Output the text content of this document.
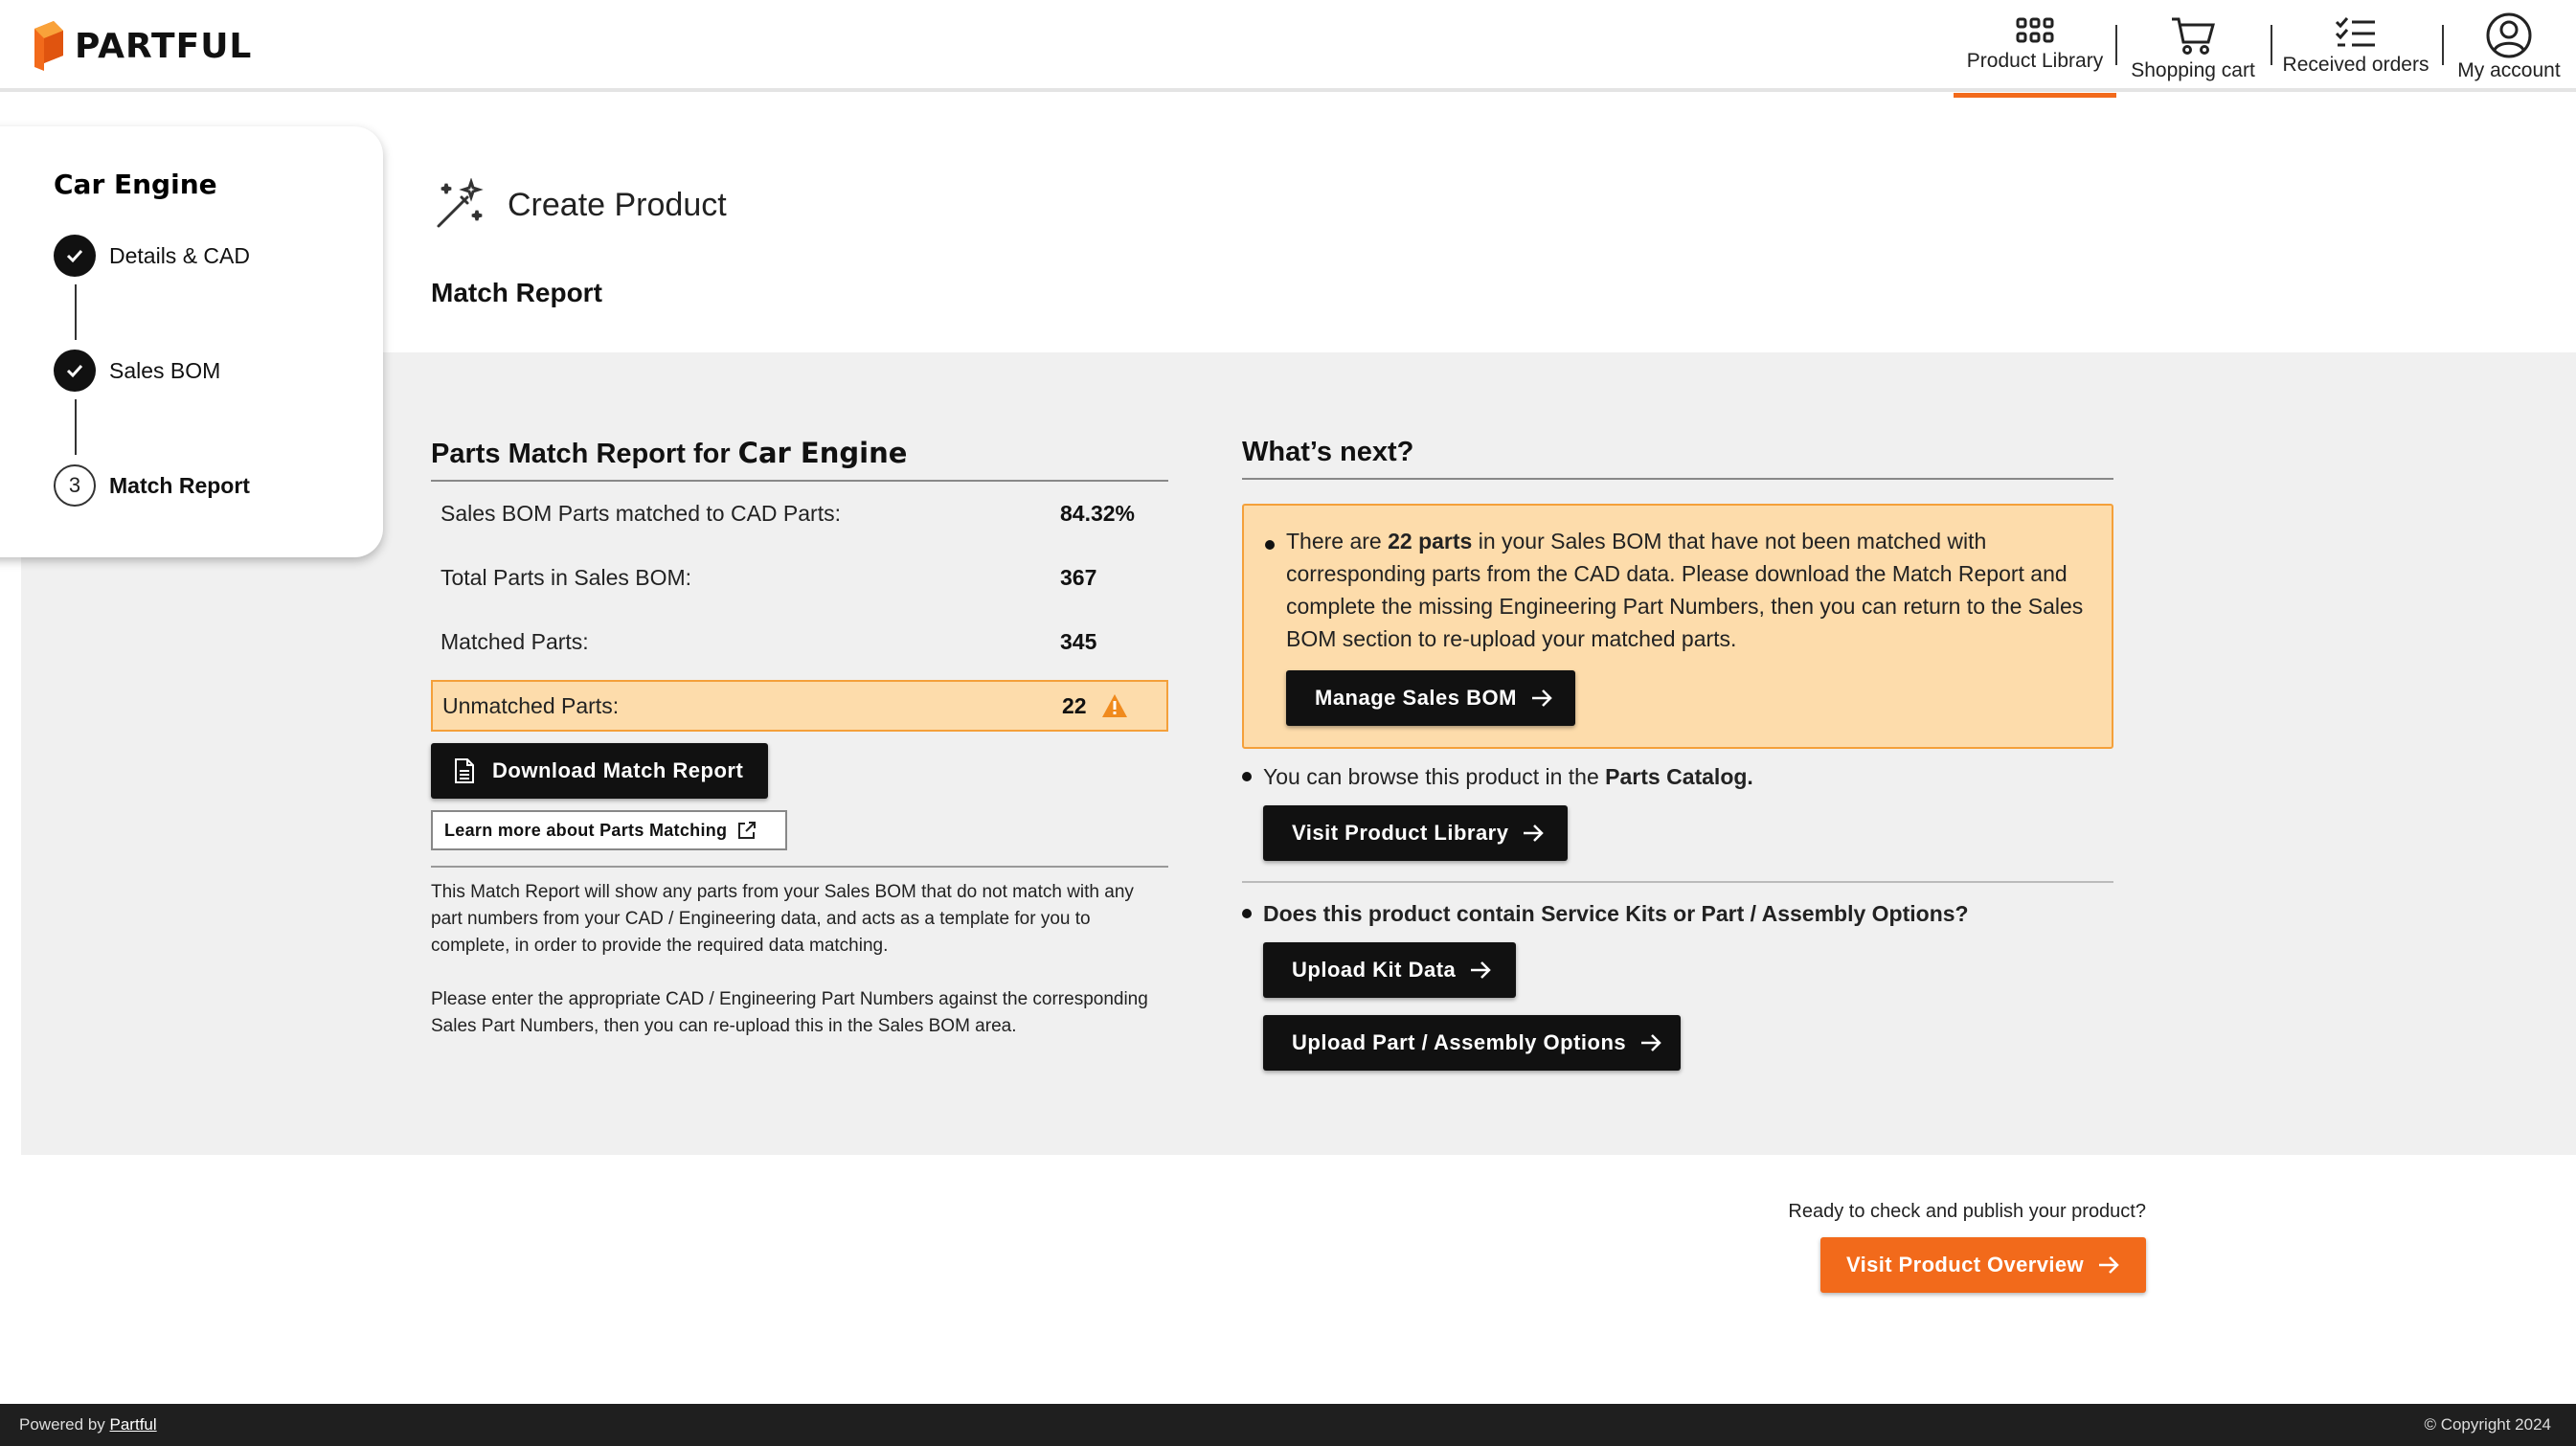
PARTFUL	Product Library Shopping cart Received orders My account
Car Engine
Details & CAD
Sales BOM
3	Match Report
Create Product
Match Report
Parts Match Report for Car Engine
Sales BOM Parts matched to CAD Parts:	84.32%
Total Parts in Sales BOM:	367
Matched Parts:	345
Unmatched Parts:	22
Download Match Report
Learn more about Parts Matching

This Match Report will show any parts from your Sales BOM that do not match with any part numbers from your CAD / Engineering data, and acts as a template for you to complete, in order to provide the required data matching.

Please enter the appropriate CAD / Engineering Part Numbers against the corresponding Sales Part Numbers, then you can re-upload this in the Sales BOM area.

What’s next?
There are 22 parts in your Sales BOM that have not been matched with corresponding parts from the CAD data. Please download the Match Report and complete the missing Engineering Part Numbers, then you can return to the Sales BOM section to re-upload your matched parts.
Manage Sales BOM
You can browse this product in the Parts Catalog.
Visit Product Library
Does this product contain Service Kits or Part / Assembly Options?
Upload Kit Data
Upload Part / Assembly Options
Ready to check and publish your product?
Visit Product Overview
Powered by Partful	© Copyright 2024
